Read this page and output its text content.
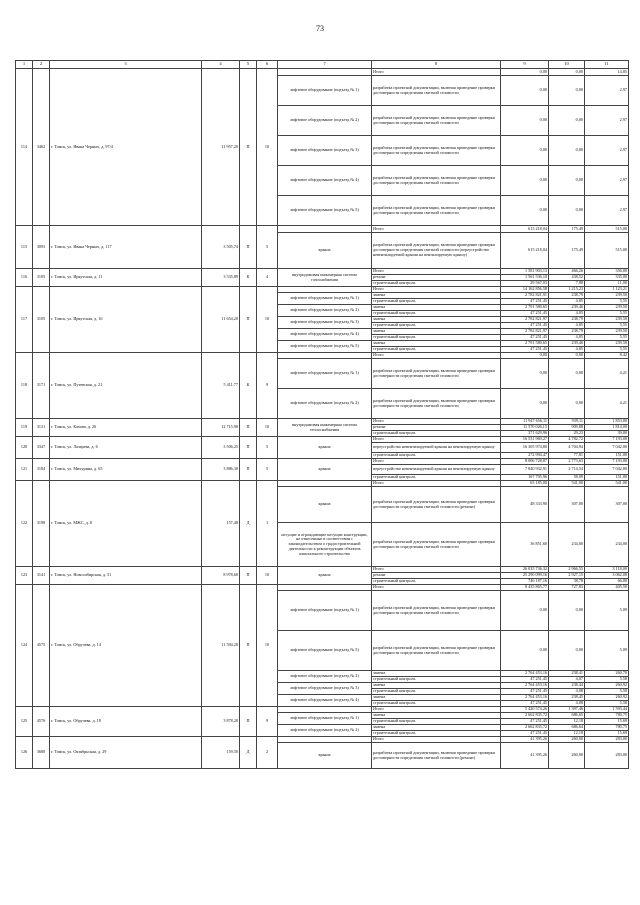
73
1	2	3	4	5	6	7	8	9	10	11
114	3462	г. Томск, ул. Ивана Черных, д. 97/4	11 957,20	П	10		Итого	0,00	0,00	14,85
						лифтовое оборудование (подъезд № 1)	разработка проектной документации, включая проведение проверки достоверности определения сметной стоимости	0,00	0,00	2,97
						лифтовое оборудование (подъезд № 2)	разработка проектной документации, включая проведение проверки достоверности определения сметной стоимости	0,00	0,00	2,97
						лифтовое оборудование (подъезд № 3)	разработка проектной документации, включая проведение проверки достоверности определения сметной стоимости	0,00	0,00	2,97
						лифтовое оборудование (подъезд № 4)	разработка проектной документации, включая проведение проверки достоверности определения сметной стоимости	0,00	0,00	2,97
						лифтовое оборудование (подъезд № 5)	разработка проектной документации, включая проведение проверки достоверности определения сметной стоимости	0,00	0,00	2,97
115	3093	г. Томск, ул. Ивана Черных, д. 117	3 505,74	П	5		Итого	615 218,04	175,49	515,00
						крыша	разработка проектной документации, включая проведение проверки достоверности определения сметной стоимости (переустройство невентилируемой крыши на вентилируемую крышу)	615 218,04	175,49	515,00
116	3105	г. Томск, ул. Иркутская, д. 11	3 535,89	К	4	внутридомовая инженерная система газоснабжения	Итого	1 581 903,13	466,26	356,00
							ремонт	1 561 536,10	438,52	335,00
							строительный контроль	29 567,03	7,88	11,00
117	3105	г. Томск, ул. Иркутская, д. 16	11 654,20	П	10		Итого	14 162 856,58	1 215,23	1 123,21
						лифтовое оборудование (подъезд № 1)	замена	2 782 821,91	238,79	239,50
							строительный контроль	47 251,45	4,05	5,55
						лифтовое оборудование (подъезд № 2)	замена	2 791 580,65	239,46	239,50
							строительный контроль	47 251,45	4,05	5,55
						лифтовое оборудование (подъезд № 3)	замена	2 782 821,97	238,79	239,50
							строительный контроль	47 251,45	4,05	5,55
						лифтовое оборудование (подъезд № 4)	замена	2 782 821,97	238,79	239,50
							строительный контроль	47 251,45	4,05	5,55
						лифтовое оборудование (подъезд № 5)	замена	2 791 580,65	239,46	239,50
							строительный контроль	47 251,45	4,05	5,55
118	3171	г. Томск, ул. Путевская, д. 21	5 411,77	К	9		Итого	0,00	0,00	8,42
						лифтовое оборудование (подъезд № 1)	разработка проектной документации, включая проведение проверки достоверности определения сметной стоимости	0,00	0,00	4,21
						лифтовое оборудование (подъезд № 2)	разработка проектной документации, включая проведение проверки достоверности определения сметной стоимости	0,00	0,00	4,21
119	3131	г. Томск, ул. Кахова, д. 26	12 715,90	П	10	внутридомовая инженерная система теплоснабжения	Итого	11 947 656,11	939,11	1 853,00
							ремонт	11 570 026,15	909,88	1 814,00
							строительный контроль	371 629,96	29,23	39,00
120	3347	г. Томск, ул. Лазарева, д. 6	3 506,25	П	5	крыша	Итого	16 531 969,27	4 782,72	7 193,00
							переустройство невентилируемой крыши на вентилируемую крышу	16 305 974,80	4 704,94	7 042,00
							строительный контроль	272 994,47	77,81	151,00
121	3184	г. Томск, ул. Мичурина, д. 65	3 886,30	П	5	крыша	Итого	8 006 728,87	2 773,63	7 193,00
							переустройство невентилируемой крыши на вентилируемую крышу	7 840 932,91	2 714,54	7 042,00
							строительный контроль	167 795,96	58,09	151,00
122	3198	г. Томск, ул. МЖС, д. 8	157,40	Д	1		Итого	65 185,00	541,00	541,00
						крыша	разработка проектной документации, включая проведение проверки достоверности определения сметной стоимости (ремонт)	48 333,90	307,00	307,00
						несущие и ограждающие несущие конструкции, не отнесенные в соответствии с законодательством о градостроительной деятельности к реконструкции объектов капитального строительства	разработка проектной документации, включая проведение проверки достоверности определения сметной стоимости	36 851,60	234,00	234,00
123	3141	г. Томск, ул. Новосибирская, д. 51	8 978,60	П	10	крыша	Итого	26 035 736,32	2 966,55	3 118,00
							ремонт	25 290 099,16	2 927,15	3 062,00
							строительный контроль	746 187,16	38,78	66,00
124	4575	г. Томск, ул. Обручева, д. 14	11 594,20	П	10		Итого	8 435 865,77	727,83	405,50
						лифтовое оборудование (подъезд № 1)	разработка проектной документации, включая проведение проверки достоверности определения сметной стоимости	0,00	0,00	5,09
						лифтовое оборудование (подъезд № 5)	разработка проектной документации, включая проведение проверки достоверности определения сметной стоимости	0,00	0,00	5,09
						лифтовое оборудование (подъезд № 2)	замена	2 764 453,16	238,41	260,70
							строительный контроль	47 251,45	4,07	5,58
						лифтовое оборудование (подъезд № 3)	замена	2 764 453,16	238,44	260,92
							строительный контроль	47 251,45	4,08	5,58
						лифтовое оборудование (подъезд № 4)	замена	2 764 453,16	238,45	260,92
							строительный контроль	47 251,45	4,08	5,58
125	4576	г. Томск, ул. Обручева, д. 18	3 878,20	П	9		Итого	5 420 574,26	1 397,46	1 593,44
						лифтовое оборудование (подъезд № 1)	замена	2 662 835,72	686,65	780,75
							строительный контроль	47 251,45	12,18	15,69
						лифтовое оборудование (подъезд № 2)	замена	2 662 835,72	686,64	780,75
							строительный контроль	47 251,45	12,18	15,69
126	3680	г. Томск, ул. Октябрьская, д. 29	159,50	Д	2		Итого	41 395,26	260,00	283,00
						крыша	разработка проектной документации, включая проведение проверки достоверности определения сметной стоимости (ремонт)	41 395,26	260,00	283,00
